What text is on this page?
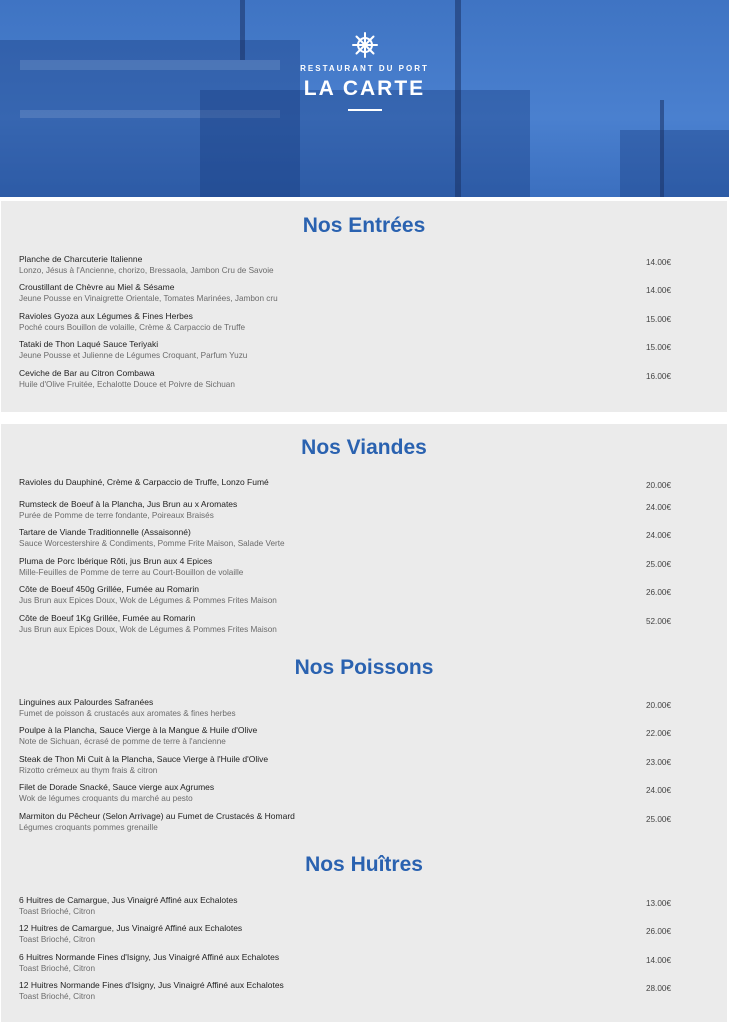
RESTAURANT DU PORT
LA CARTE
Nos Entrées
Planche de Charcuterie Italienne
Lonzo, Jésus à l'Ancienne, chorizo, Bressaola, Jambon Cru de Savoie
14.00€
Croustillant de Chèvre au Miel & Sésame
Jeune Pousse en Vinaigrette Orientale, Tomates Marinées, Jambon cru
14.00€
Ravioles Gyoza aux Légumes & Fines Herbes
Poché cours Bouillon de volaille, Crème & Carpaccio de Truffe
15.00€
Tataki de Thon Laqué Sauce Teriyaki
Jeune Pousse et Julienne de Légumes Croquant, Parfum Yuzu
15.00€
Ceviche de Bar au Citron Combawa
Huile d'Olive Fruitée, Echalotte Douce et Poivre de Sichuan
16.00€
Nos Viandes
Ravioles du Dauphiné, Crème & Carpaccio de Truffe, Lonzo Fumé	20.00€
Rumsteck de Boeuf à la Plancha, Jus Brun au x Aromates
Purée de Pomme de terre fondante, Poireaux Braisés
24.00€
Tartare de Viande Traditionnelle (Assaisonné)
Sauce Worcestershire & Condiments, Pomme Frite Maison, Salade Verte
24.00€
Pluma de Porc Ibérique Rôti, jus Brun aux 4 Epices
Mille-Feuilles de Pomme de terre au Court-Bouillon de volaille
25.00€
Côte de Boeuf 450g Grillée, Fumée au Romarin
Jus Brun aux Epices Doux, Wok de Légumes & Pommes Frites Maison
26.00€
Côte de Boeuf 1Kg Grillée, Fumée au Romarin
Jus Brun aux Epices Doux, Wok de Légumes & Pommes Frites Maison
52.00€
Nos Poissons
Linguines aux Palourdes Safranées
Fumet de poisson & crustacés aux aromates & fines herbes
20.00€
Poulpe à la Plancha, Sauce Vierge à la Mangue & Huile d'Olive
Note de Sichuan, écrasé de pomme de terre à l'ancienne
22.00€
Steak de Thon Mi Cuit à la Plancha, Sauce Vierge à l'Huile d'Olive
Rizotto crémeux au thym frais & citron
23.00€
Filet de Dorade Snacké, Sauce vierge aux Agrumes
Wok de légumes croquants du marché au pesto
24.00€
Marmiton du Pêcheur (Selon Arrivage) au Fumet de Crustacés & Homard
Légumes croquants pommes grenaille
25.00€
Nos Huîtres
6 Huitres de Camargue, Jus Vinaigré Affiné aux Echalotes
Toast Brioché, Citron
13.00€
12 Huitres de Camargue, Jus Vinaigré Affiné aux Echalotes
Toast Brioché, Citron
26.00€
6 Huitres Normande Fines d'Isigny, Jus Vinaigré Affiné aux Echalotes
Toast Brioché, Citron
14.00€
12 Huitres Normande Fines d'Isigny, Jus Vinaigré Affiné aux Echalotes
Toast Brioché, Citron
28.00€
